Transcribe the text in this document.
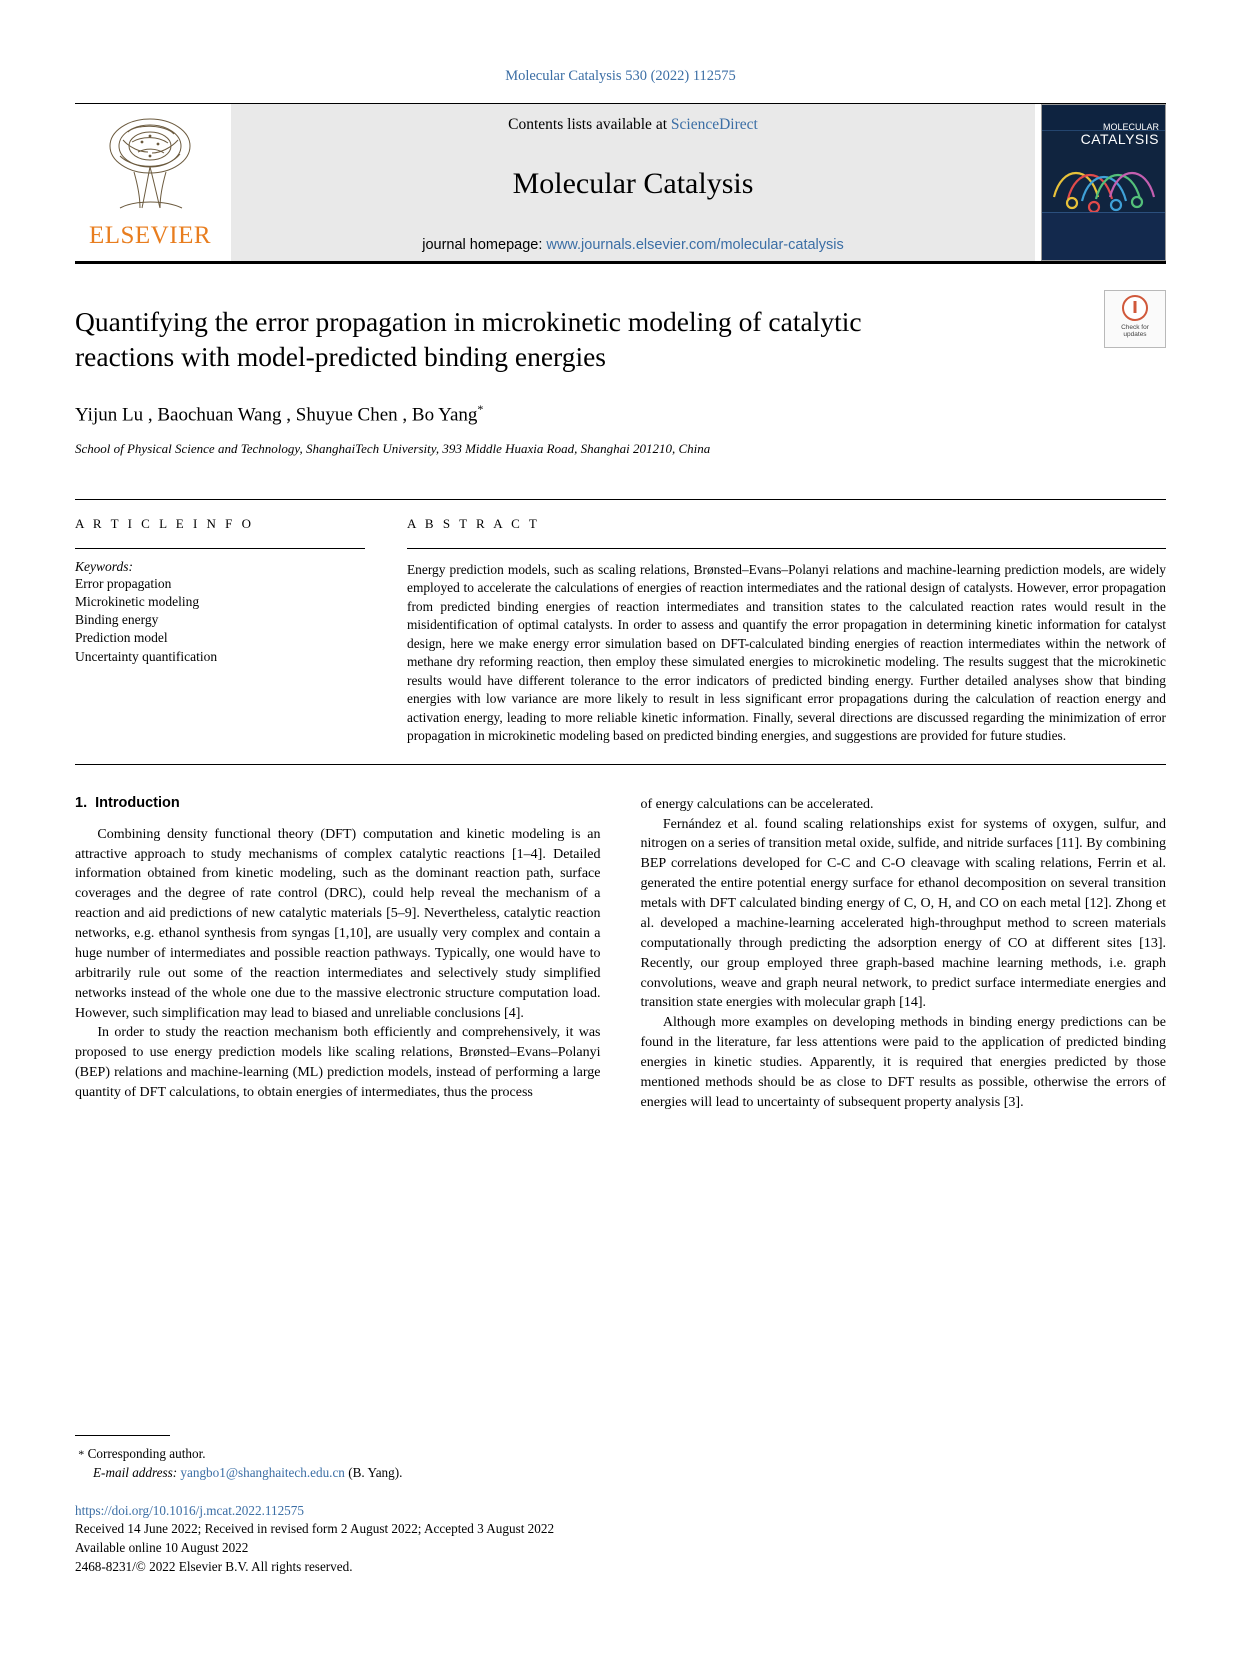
Molecular Catalysis 530 (2022) 112575
ELSEVIER
Contents lists available at ScienceDirect
Molecular Catalysis
journal homepage: www.journals.elsevier.com/molecular-catalysis
MOLECULAR
CATALYSIS
Check for
updates
Quantifying the error propagation in microkinetic modeling of catalytic reactions with model-predicted binding energies
Yijun Lu , Baochuan Wang , Shuyue Chen , Bo Yang*
School of Physical Science and Technology, ShanghaiTech University, 393 Middle Huaxia Road, Shanghai 201210, China
A R T I C L E I N F O
Keywords:
Error propagation
Microkinetic modeling
Binding energy
Prediction model
Uncertainty quantification
A B S T R A C T
Energy prediction models, such as scaling relations, Brønsted–Evans–Polanyi relations and machine-learning prediction models, are widely employed to accelerate the calculations of energies of reaction intermediates and the rational design of catalysts. However, error propagation from predicted binding energies of reaction intermediates and transition states to the calculated reaction rates would result in the misidentification of optimal catalysts. In order to assess and quantify the error propagation in determining kinetic information for catalyst design, here we make energy error simulation based on DFT-calculated binding energies of reaction intermediates within the network of methane dry reforming reaction, then employ these simulated energies to microkinetic modeling. The results suggest that the microkinetic results would have different tolerance to the error indicators of predicted binding energy. Further detailed analyses show that binding energies with low variance are more likely to result in less significant error propagations during the calculation of reaction energy and activation energy, leading to more reliable kinetic information. Finally, several directions are discussed regarding the minimization of error propagation in microkinetic modeling based on predicted binding energies, and suggestions are provided for future studies.
1. Introduction

Combining density functional theory (DFT) computation and kinetic modeling is an attractive approach to study mechanisms of complex catalytic reactions [1–4]. Detailed information obtained from kinetic modeling, such as the dominant reaction path, surface coverages and the degree of rate control (DRC), could help reveal the mechanism of a reaction and aid predictions of new catalytic materials [5–9]. Nevertheless, catalytic reaction networks, e.g. ethanol synthesis from syngas [1,10], are usually very complex and contain a huge number of intermediates and possible reaction pathways. Typically, one would have to arbitrarily rule out some of the reaction intermediates and selectively study simplified networks instead of the whole one due to the massive electronic structure computation load. However, such simplification may lead to biased and unreliable conclusions [4].

In order to study the reaction mechanism both efficiently and comprehensively, it was proposed to use energy prediction models like scaling relations, Brønsted–Evans–Polanyi (BEP) relations and machine-learning (ML) prediction models, instead of performing a large quantity of DFT calculations, to obtain energies of intermediates, thus the process

of energy calculations can be accelerated.

Fernández et al. found scaling relationships exist for systems of oxygen, sulfur, and nitrogen on a series of transition metal oxide, sulfide, and nitride surfaces [11]. By combining BEP correlations developed for C-C and C-O cleavage with scaling relations, Ferrin et al. generated the entire potential energy surface for ethanol decomposition on several transition metals with DFT calculated binding energy of C, O, H, and CO on each metal [12]. Zhong et al. developed a machine-learning accelerated high-throughput method to screen materials computationally through predicting the adsorption energy of CO at different sites [13]. Recently, our group employed three graph-based machine learning methods, i.e. graph convolutions, weave and graph neural network, to predict surface intermediate energies and transition state energies with molecular graph [14].

Although more examples on developing methods in binding energy predictions can be found in the literature, far less attentions were paid to the application of predicted binding energies in kinetic studies. Apparently, it is required that energies predicted by those mentioned methods should be as close to DFT results as possible, otherwise the errors of energies will lead to uncertainty of subsequent property analysis [3].

* Corresponding author.
E-mail address: yangbo1@shanghaitech.edu.cn (B. Yang).
https://doi.org/10.1016/j.mcat.2022.112575
Received 14 June 2022; Received in revised form 2 August 2022; Accepted 3 August 2022
Available online 10 August 2022
2468-8231/© 2022 Elsevier B.V. All rights reserved.
